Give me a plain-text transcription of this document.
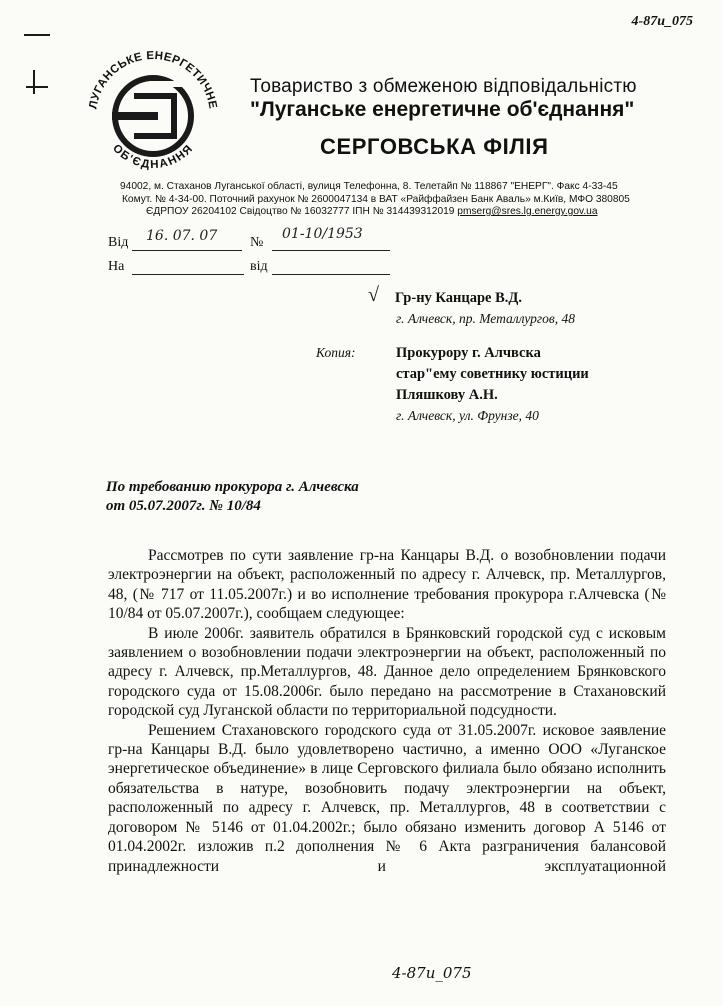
4-87и_075
ЛУГАНСЬКЕ ЕНЕРГЕТИЧНЕ
ОБ'ЄДНАННЯ
Товариство з обмеженою відповідальністю
"Луганське енергетичне об'єднання"
СЕРГОВСЬКА ФІЛІЯ
94002, м. Стаханов Луганської області, вулиця Телефонна, 8. Телетайп № 118867 "ЕНЕРГ". Факс 4-33-45
Комут. № 4-34-00. Поточний рахунок № 2600047134 в ВАТ «Райффайзен Банк Аваль» м.Київ, МФО 380805
ЄДРПОУ 26204102 Свідоцтво № 16032777 ІПН № 314439312019 pmserg@sres.lg.energy.gov.ua
Від 16. 07. 07 №
01-10/1953
На	від
√ Гр-ну Канцаре В.Д.
г. Алчевск, пр. Металлургов, 48
Копия:	Прокурору г. Алчвска
стар"ему советнику юстиции
Пляшкову А.Н.
г. Алчевск, ул. Фрунзе, 40
По требованию прокурора г. Алчевска
от 05.07.2007г. № 10/84

Рассмотрев по сути заявление гр-на Канцары В.Д. о возобновлении подачи электроэнергии на объект, расположенный по адресу г. Алчевск, пр. Металлургов, 48, (№ 717 от 11.05.2007г.) и во исполнение требования прокурора г.Алчевска (№ 10/84 от 05.07.2007г.), сообщаем следующее:

В июле 2006г. заявитель обратился в Брянковский городской суд с исковым заявлением о возобновлении подачи электроэнергии на объект, расположенный по адресу г. Алчевск, пр.Металлургов, 48. Данное дело определением Брянковского городского суда от 15.08.2006г. было передано на рассмотрение в Стахановский городской суд Луганской области по территориальной подсудности.

Решением Стахановского городского суда от 31.05.2007г. исковое заявление гр-на Канцары В.Д. было удовлетворено частично, а именно ООО «Луганское энергетическое объединение» в лице Серговского филиала было обязано исполнить обязательства в натуре, возобновить подачу электроэнергии на объект, расположенный по адресу г. Алчевск, пр. Металлургов, 48 в соответствии с договором № 5146 от 01.04.2002г.; было обязано изменить договор А 5146 от 01.04.2002г. изложив п.2 дополнения № 6 Акта разграничения балансовой принадлежности и эксплуатационной

4-87и_075
